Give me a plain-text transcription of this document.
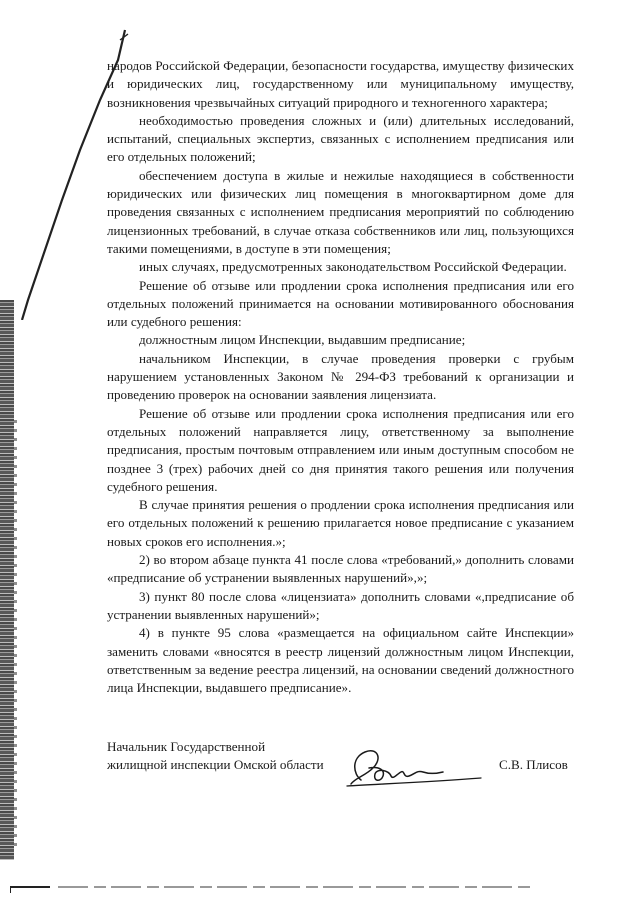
народов Российской Федерации, безопасности государства, имуществу физических и юридических лиц, государственному или муниципальному имуществу, возникновения чрезвычайных ситуаций природного и техногенного характера;

необходимостью проведения сложных и (или) длительных исследований, испытаний, специальных экспертиз, связанных с исполнением предписания или его отдельных положений;

обеспечением доступа в жилые и нежилые находящиеся в собственности юридических или физических лиц помещения в многоквартирном доме для проведения связанных с исполнением предписания мероприятий по соблюдению лицензионных требований, в случае отказа собственников или лиц, пользующихся такими помещениями, в доступе в эти помещения;

иных случаях, предусмотренных законодательством Российской Федерации.

Решение об отзыве или продлении срока исполнения предписания или его отдельных положений принимается на основании мотивированного обоснования или судебного решения:

должностным лицом Инспекции, выдавшим предписание;

начальником Инспекции, в случае проведения проверки с грубым нарушением установленных Законом № 294-ФЗ требований к организации и проведению проверок на основании заявления лицензиата.

Решение об отзыве или продлении срока исполнения предписания или его отдельных положений направляется лицу, ответственному за выполнение предписания, простым почтовым отправлением или иным доступным способом не позднее 3 (трех) рабочих дней со дня принятия такого решения или получения судебного решения.

В случае принятия решения о продлении срока исполнения предписания или его отдельных положений к решению прилагается новое предписание с указанием новых сроков его исполнения.»;

2) во втором абзаце пункта 41 после слова «требований,» дополнить словами «предписание об устранении выявленных нарушений»,»;

3) пункт 80 после слова «лицензиата» дополнить словами «,предписание об устранении выявленных нарушений»;

4) в пункте 95 слова «размещается на официальном сайте Инспекции» заменить словами «вносятся в реестр лицензий должностным лицом Инспекции, ответственным за ведение реестра лицензий, на основании сведений должностного лица Инспекции, выдавшего предписание».

Начальник Государственной
жилищной инспекции Омской области	С.В. Плисов
